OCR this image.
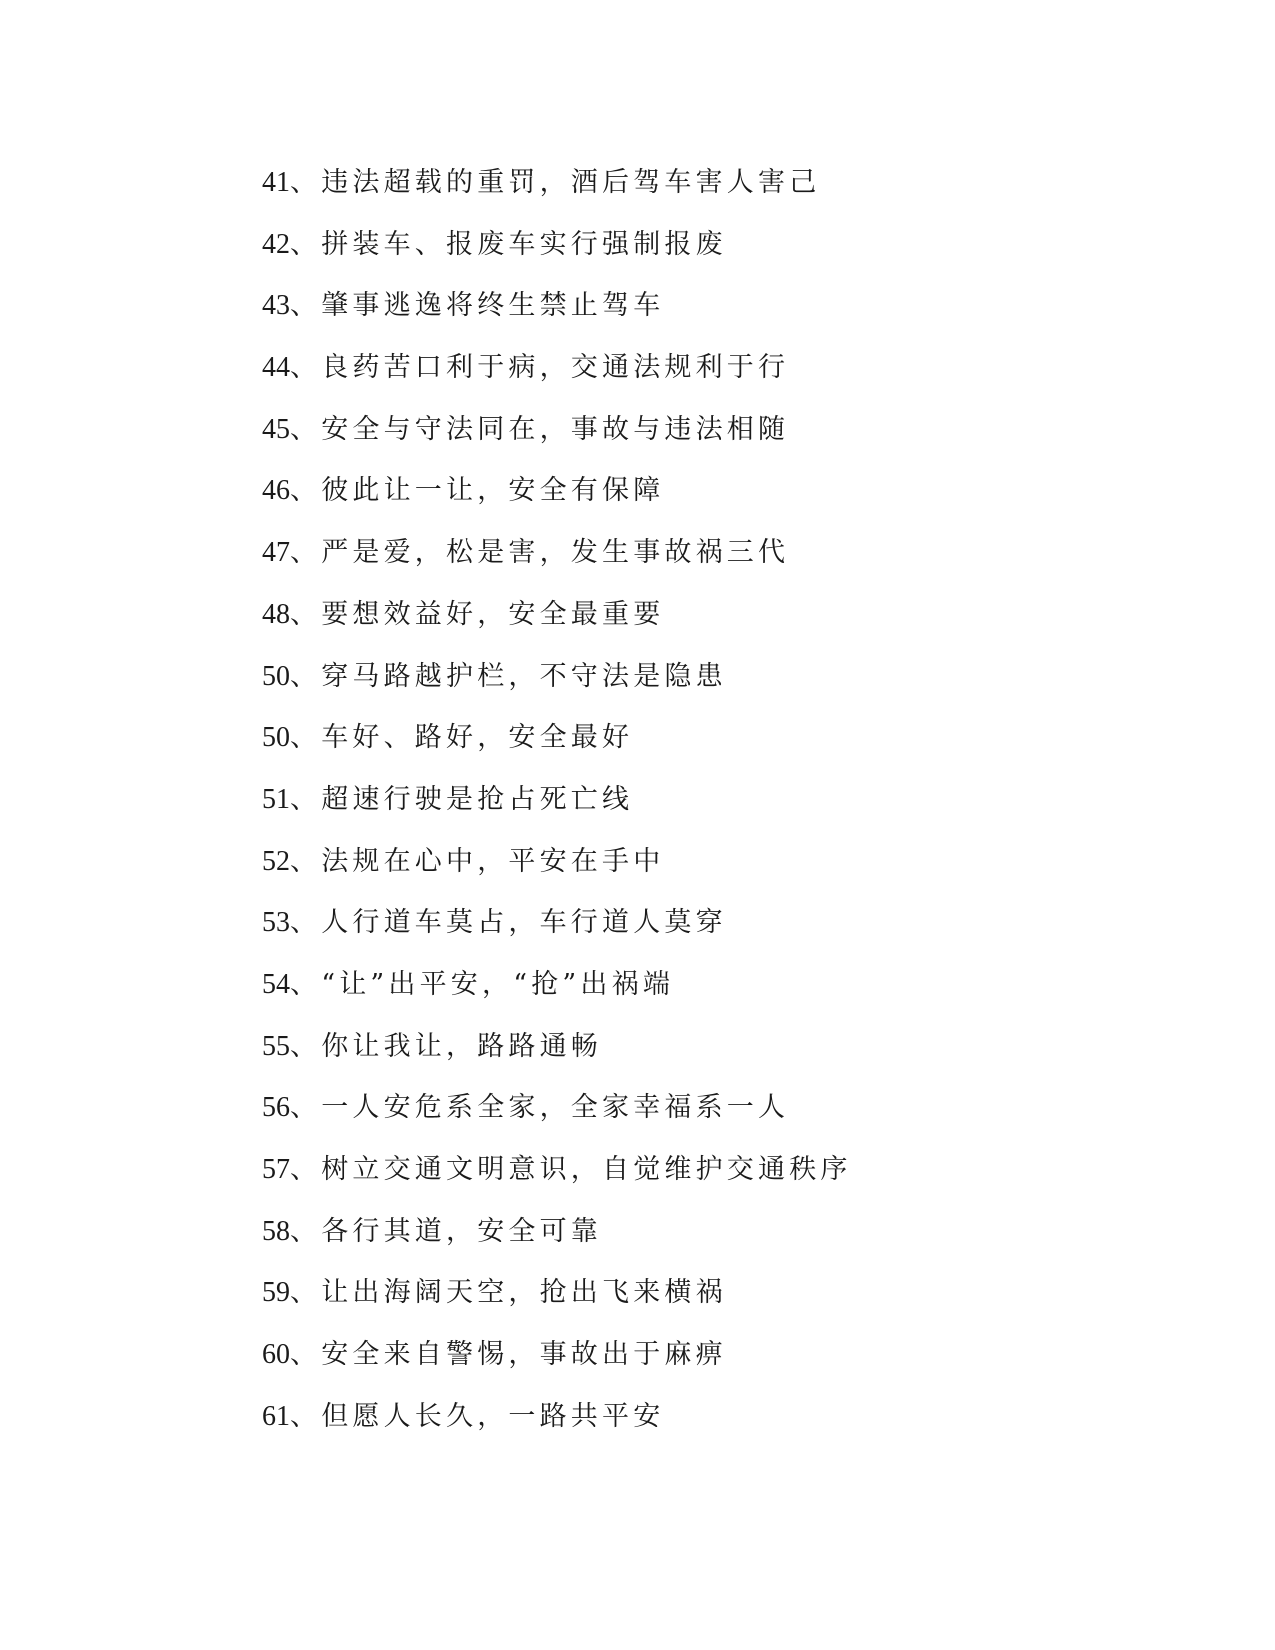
41 、 违法超载的重罚，酒后驾车害人害己
42 、 拼装车、报废车实行强制报废
43 、 肇事逃逸将终生禁止驾车
44 、 良药苦口利于病，交通法规利于行
45 、 安全与守法同在，事故与违法相随
46 、 彼此让一让，安全有保障
47 、 严是爱，松是害，发生事故祸三代
48 、 要想效益好，安全最重要
50 、 穿马路越护栏，不守法是隐患
50 、 车好、路好，安全最好
51 、 超速行驶是抢占死亡线
52 、 法规在心中，平安在手中
53 、 人行道车莫占，车行道人莫穿
54 、 “让”出平安，“抢”出祸端
55 、 你让我让，路路通畅
56 、 一人安危系全家，全家幸福系一人
57 、 树立交通文明意识，自觉维护交通秩序
58 、 各行其道，安全可靠
59 、 让出海阔天空，抢出飞来横祸
60 、 安全来自警惕，事故出于麻痹
61 、 但愿人长久，一路共平安
